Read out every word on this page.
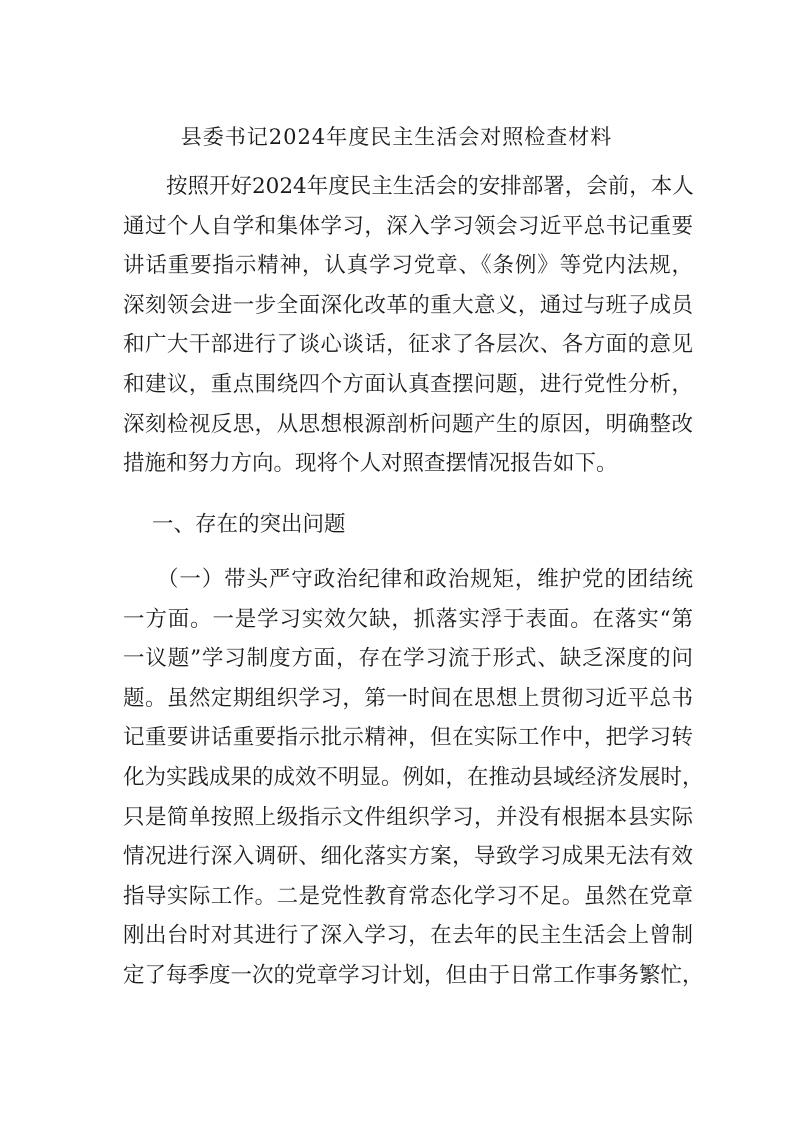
县委书记2024年度民主生活会对照检查材料
　　按照开好2024年度民主生活会的安排部署，会前，本人
通过个人自学和集体学习，深入学习领会习近平总书记重要
讲话重要指示精神，认真学习党章、《条例》等党内法规，
深刻领会进一步全面深化改革的重大意义，通过与班子成员
和广大干部进行了谈心谈话，征求了各层次、各方面的意见
和建议，重点围绕四个方面认真查摆问题，进行党性分析，
深刻检视反思，从思想根源剖析问题产生的原因，明确整改
措施和努力方向。现将个人对照查摆情况报告如下。
一、存在的突出问题
　　（一）带头严守政治纪律和政治规矩，维护党的团结统
一方面。一是学习实效欠缺，抓落实浮于表面。在落实“第
一议题”学习制度方面，存在学习流于形式、缺乏深度的问
题。虽然定期组织学习，第一时间在思想上贯彻习近平总书
记重要讲话重要指示批示精神，但在实际工作中，把学习转
化为实践成果的成效不明显。例如，在推动县域经济发展时，
只是简单按照上级指示文件组织学习，并没有根据本县实际
情况进行深入调研、细化落实方案，导致学习成果无法有效
指导实际工作。二是党性教育常态化学习不足。虽然在党章
刚出台时对其进行了深入学习，在去年的民主生活会上曾制
定了每季度一次的党章学习计划，但由于日常工作事务繁忙，
